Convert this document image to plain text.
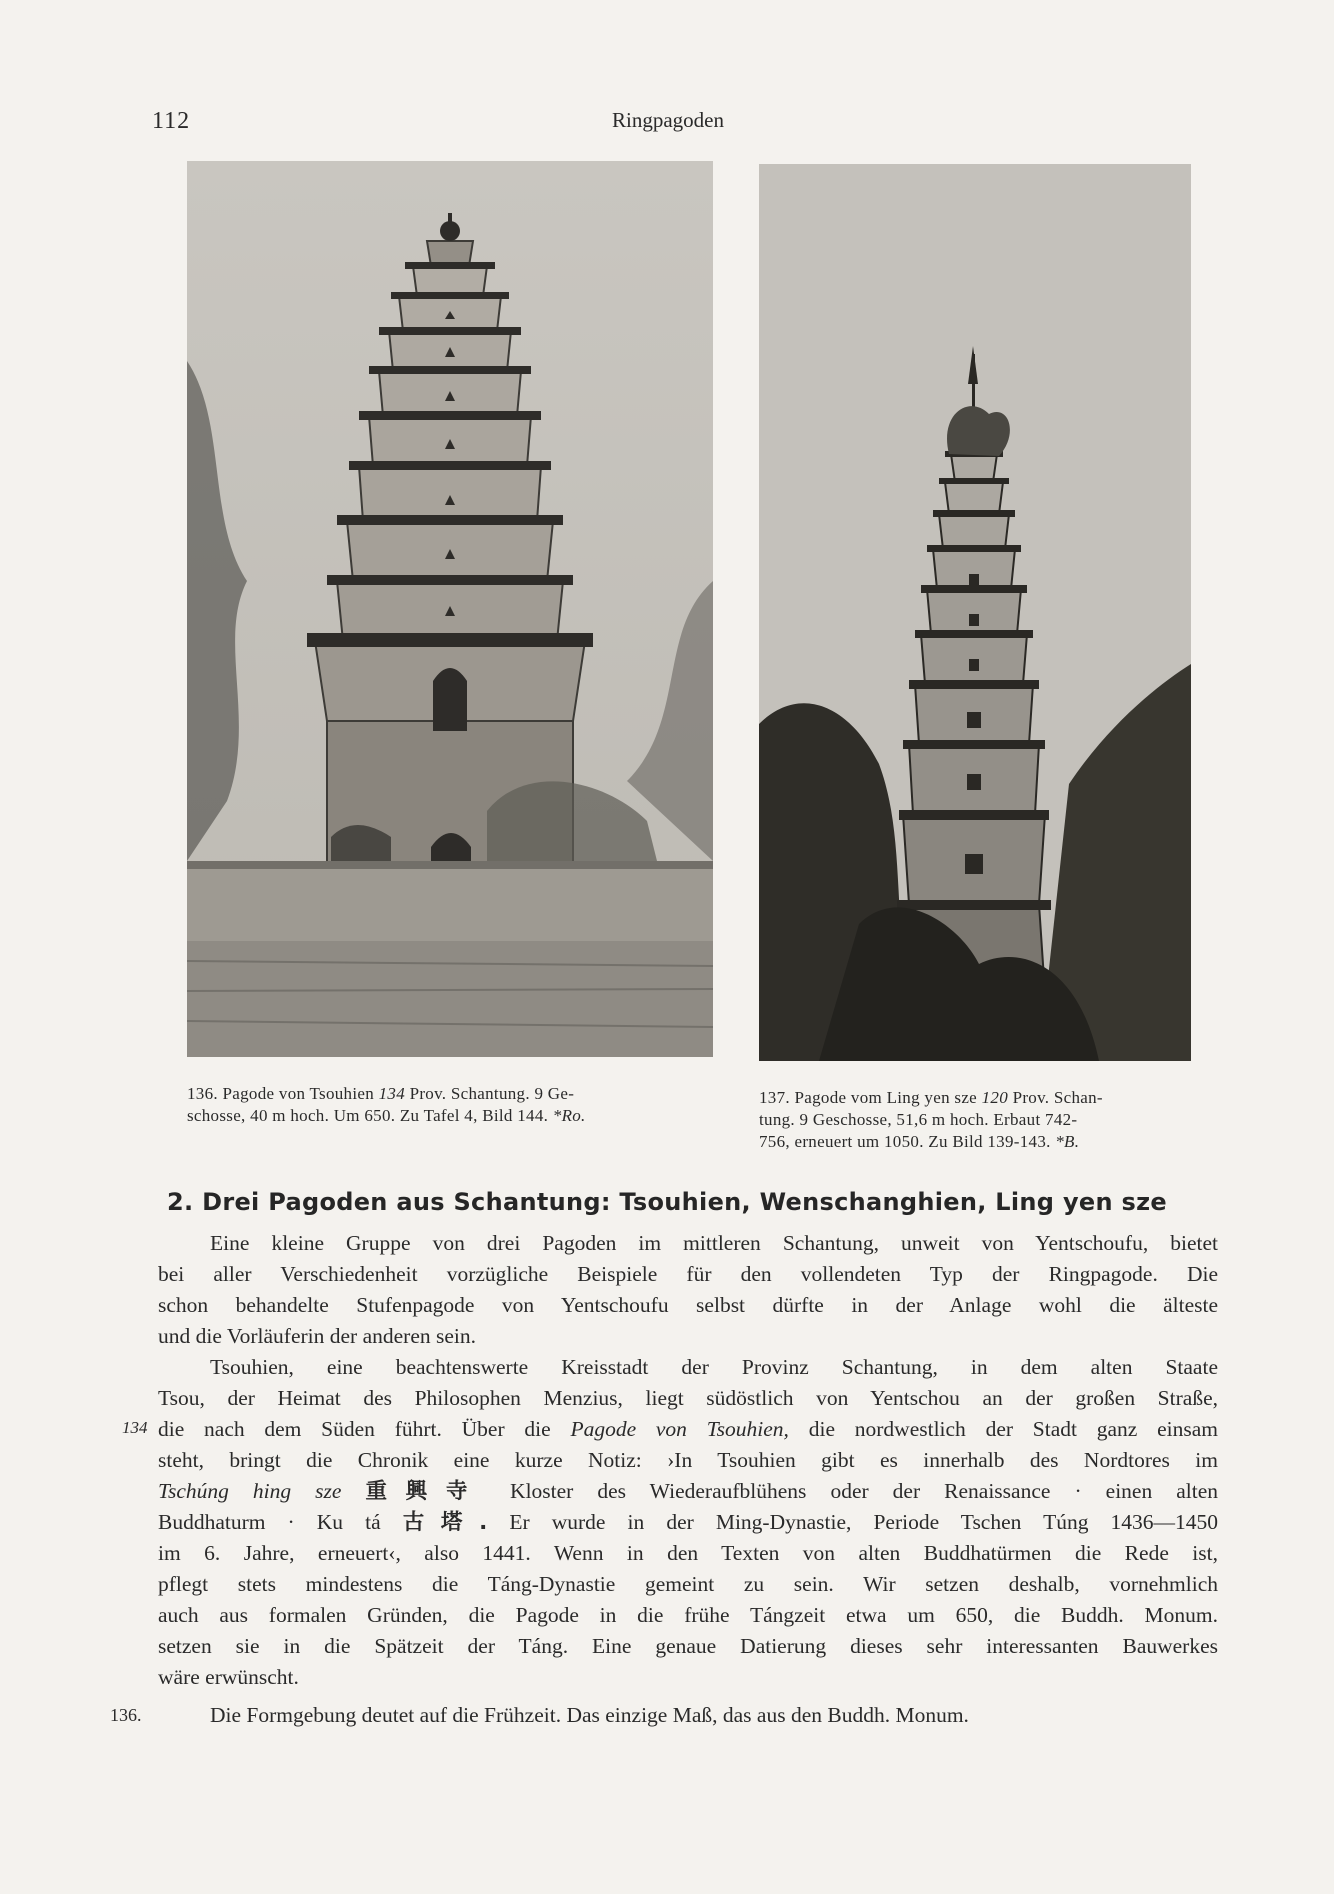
112	Ringpagoden
136. Pagode von Tsouhien 134 Prov. Schantung. 9 Ge-
schosse, 40 m hoch. Um 650. Zu Tafel 4, Bild 144. *Ro.
137. Pagode vom Ling yen sze 120 Prov. Schan-
tung. 9 Geschosse, 51,6 m hoch. Erbaut 742-
756, erneuert um 1050. Zu Bild 139-143. *B.
2. Drei Pagoden aus Schantung: Tsouhien, Wenschanghien, Ling yen sze
Eine kleine Gruppe von drei Pagoden im mittleren Schantung, unweit von Yentschoufu, bietet
bei aller Verschiedenheit vorzügliche Beispiele für den vollendeten Typ der Ringpagode. Die
schon behandelte Stufenpagode von Yentschoufu selbst dürfte in der Anlage wohl die älteste
und die Vorläuferin der anderen sein.
Tsouhien, eine beachtenswerte Kreisstadt der Provinz Schantung, in dem alten Staate
Tsou, der Heimat des Philosophen Menzius, liegt südöstlich von Yentschou an der großen Straße,
die nach dem Süden führt. Über die Pagode von Tsouhien, die nordwestlich der Stadt ganz einsam
steht, bringt die Chronik eine kurze Notiz: ›In Tsouhien gibt es innerhalb des Nordtores im
Tschúng hing sze 重興寺 Kloster des Wiederaufblühens oder der Renaissance · einen alten
Buddhaturm · Ku tá 古塔. Er wurde in der Ming-Dynastie, Periode Tschen Túng 1436—1450
im 6. Jahre, erneuert‹, also 1441. Wenn in den Texten von alten Buddhatürmen die Rede ist,
pflegt stets mindestens die Táng-Dynastie gemeint zu sein. Wir setzen deshalb, vornehmlich
auch aus formalen Gründen, die Pagode in die frühe Tángzeit etwa um 650, die Buddh. Monum.
setzen sie in die Spätzeit der Táng. Eine genaue Datierung dieses sehr interessanten Bauwerkes
wäre erwünscht.
Die Formgebung deutet auf die Frühzeit. Das einzige Maß, das aus den Buddh. Monum.
134
136.
